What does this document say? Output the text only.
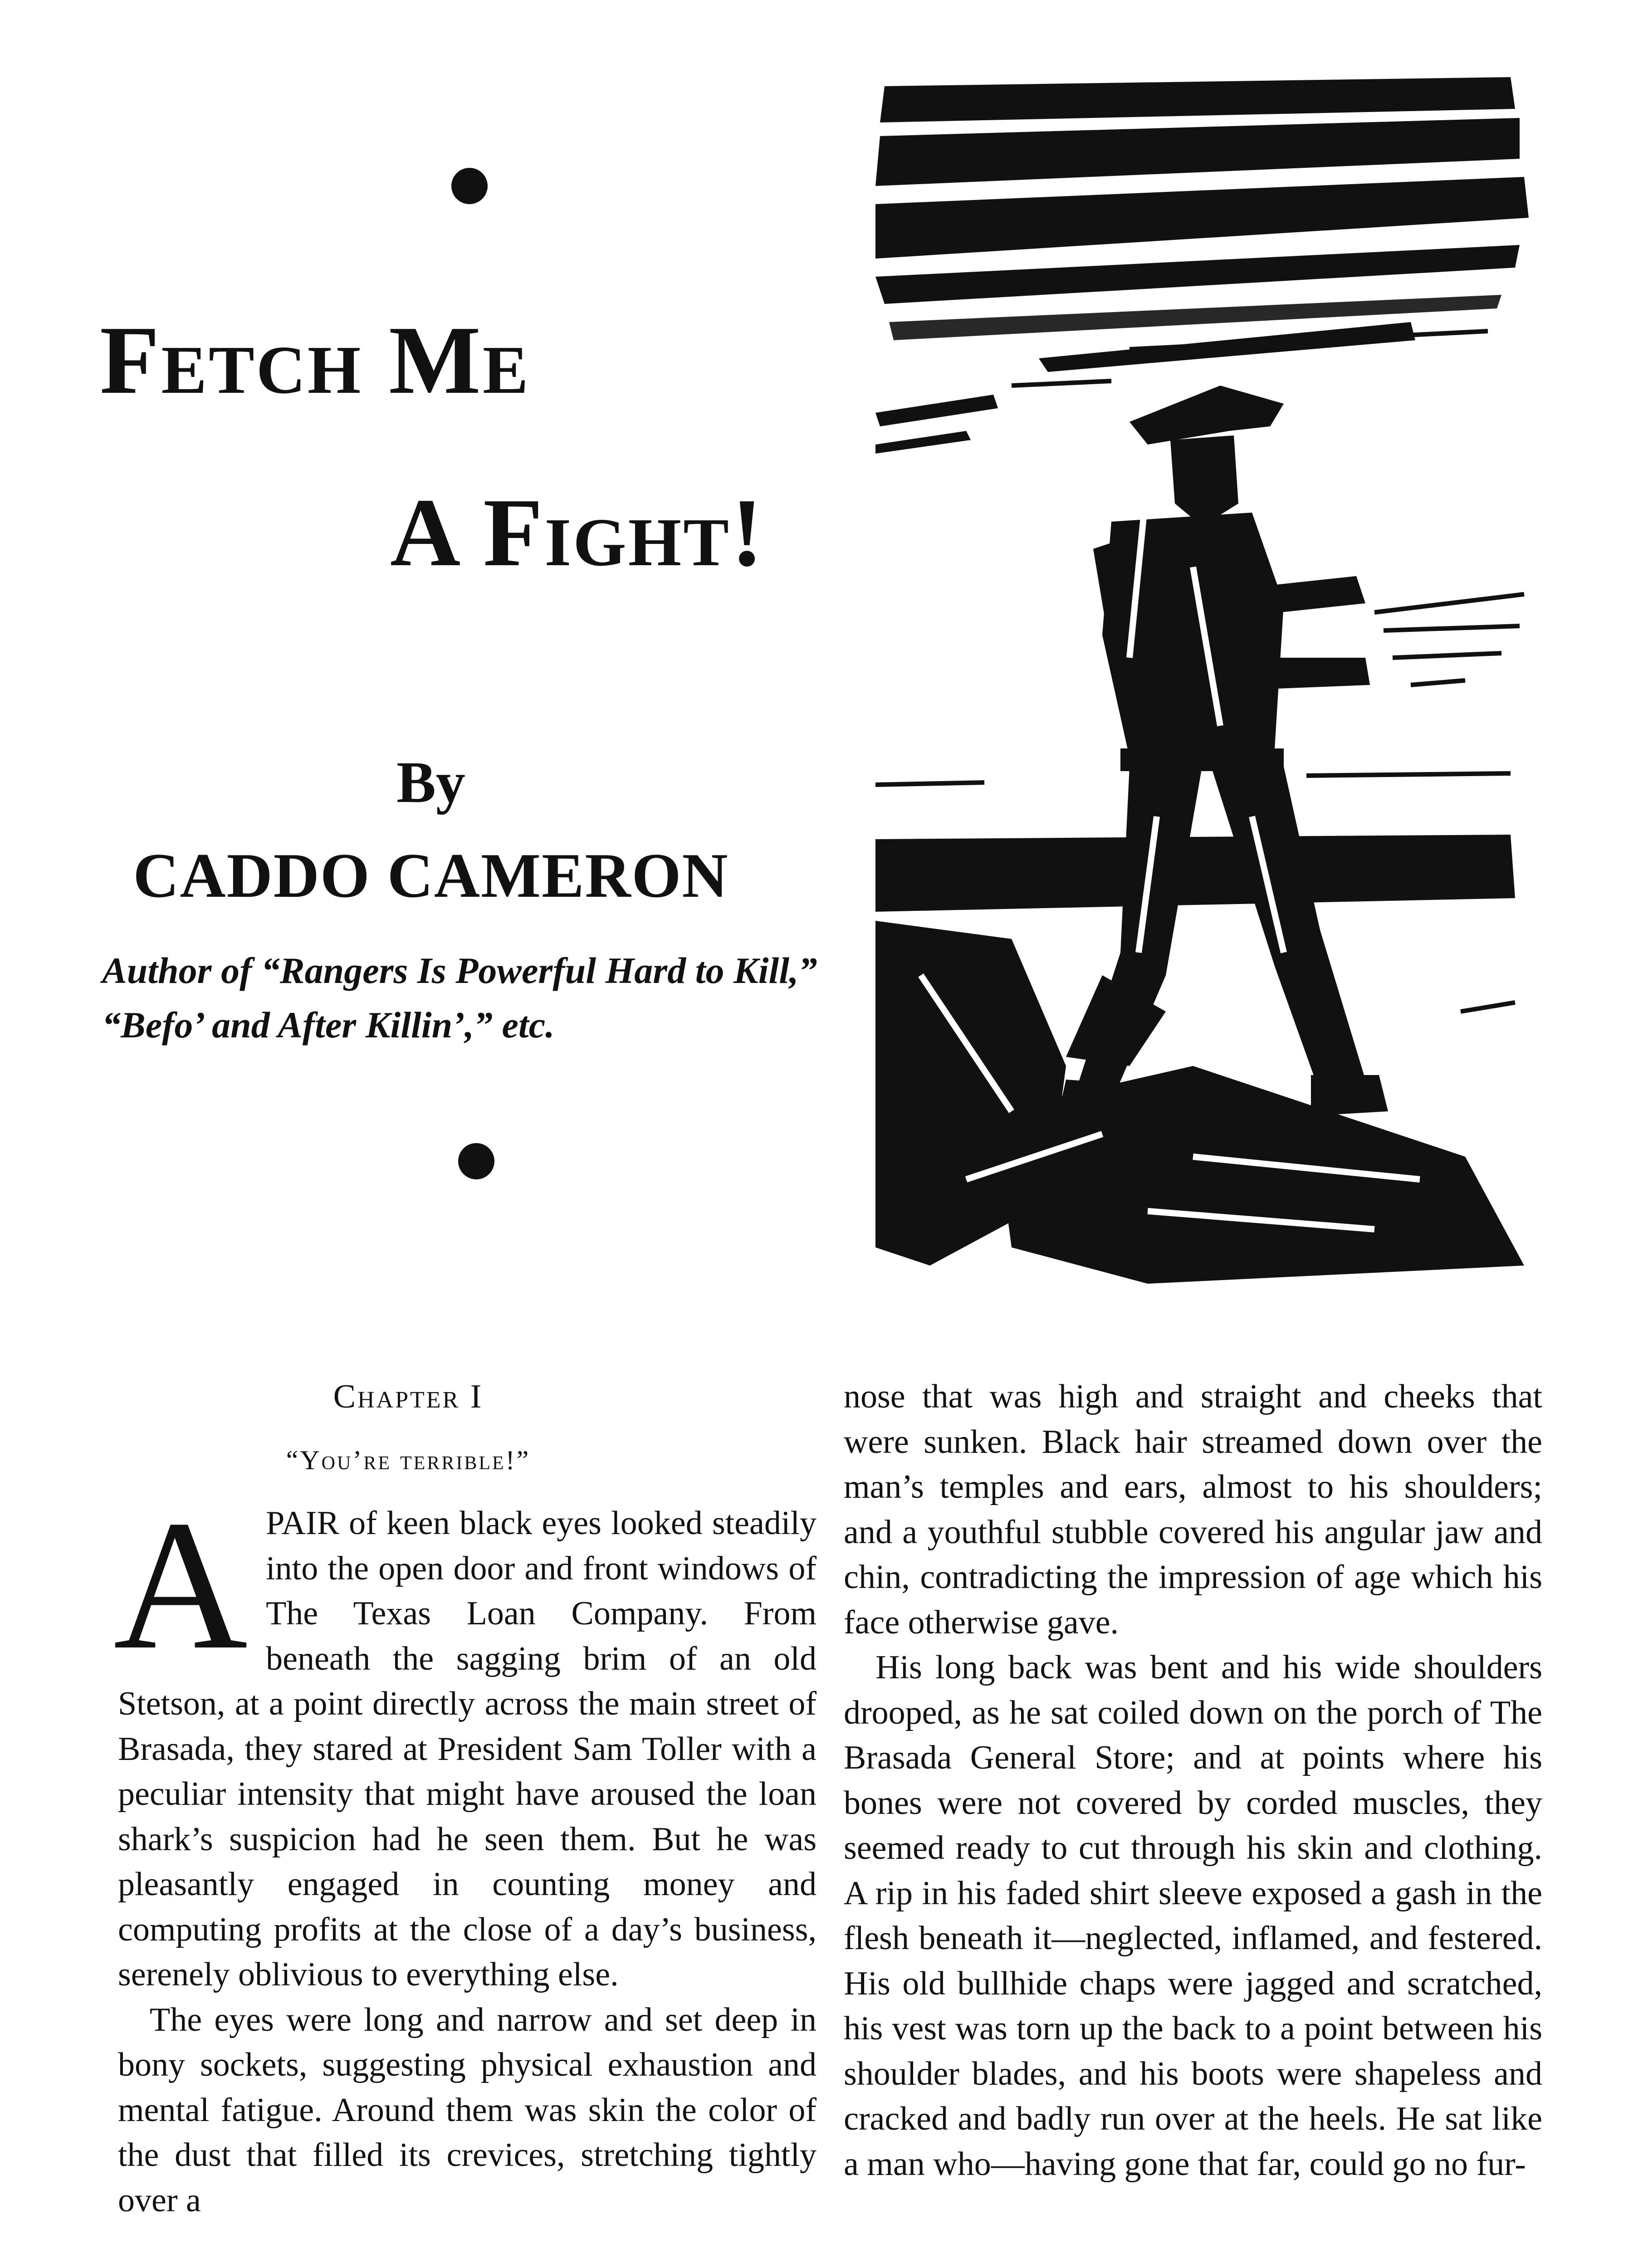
Fetch Me
A Fight!
By
CADDO CAMERON
Author of “Rangers Is Powerful Hard to Kill,” “Befo’ and After Killin’,” etc.
Chapter I
“You’re terrible!”
A PAIR of keen black eyes looked steadily into the open door and front windows of The Texas Loan Company. From beneath the sagging brim of an old Stetson, at a point directly across the main street of Brasada, they stared at President Sam Toller with a peculiar intensity that might have aroused the loan shark’s suspicion had he seen them. But he was pleasantly engaged in counting money and computing profits at the close of a day’s business, serenely oblivious to everything else.

The eyes were long and narrow and set deep in bony sockets, suggesting physical exhaustion and mental fatigue. Around them was skin the color of the dust that filled its crevices, stretching tightly over a

nose that was high and straight and cheeks that were sunken. Black hair streamed down over the man’s temples and ears, almost to his shoulders; and a youthful stubble covered his angular jaw and chin, contradicting the impression of age which his face otherwise gave.

His long back was bent and his wide shoulders drooped, as he sat coiled down on the porch of The Brasada General Store; and at points where his bones were not covered by corded muscles, they seemed ready to cut through his skin and clothing. A rip in his faded shirt sleeve exposed a gash in the flesh beneath it—neglected, inflamed, and festered. His old bullhide chaps were jagged and scratched, his vest was torn up the back to a point between his shoulder blades, and his boots were shapeless and cracked and badly run over at the heels. He sat like a man who—having gone that far, could go no fur-
